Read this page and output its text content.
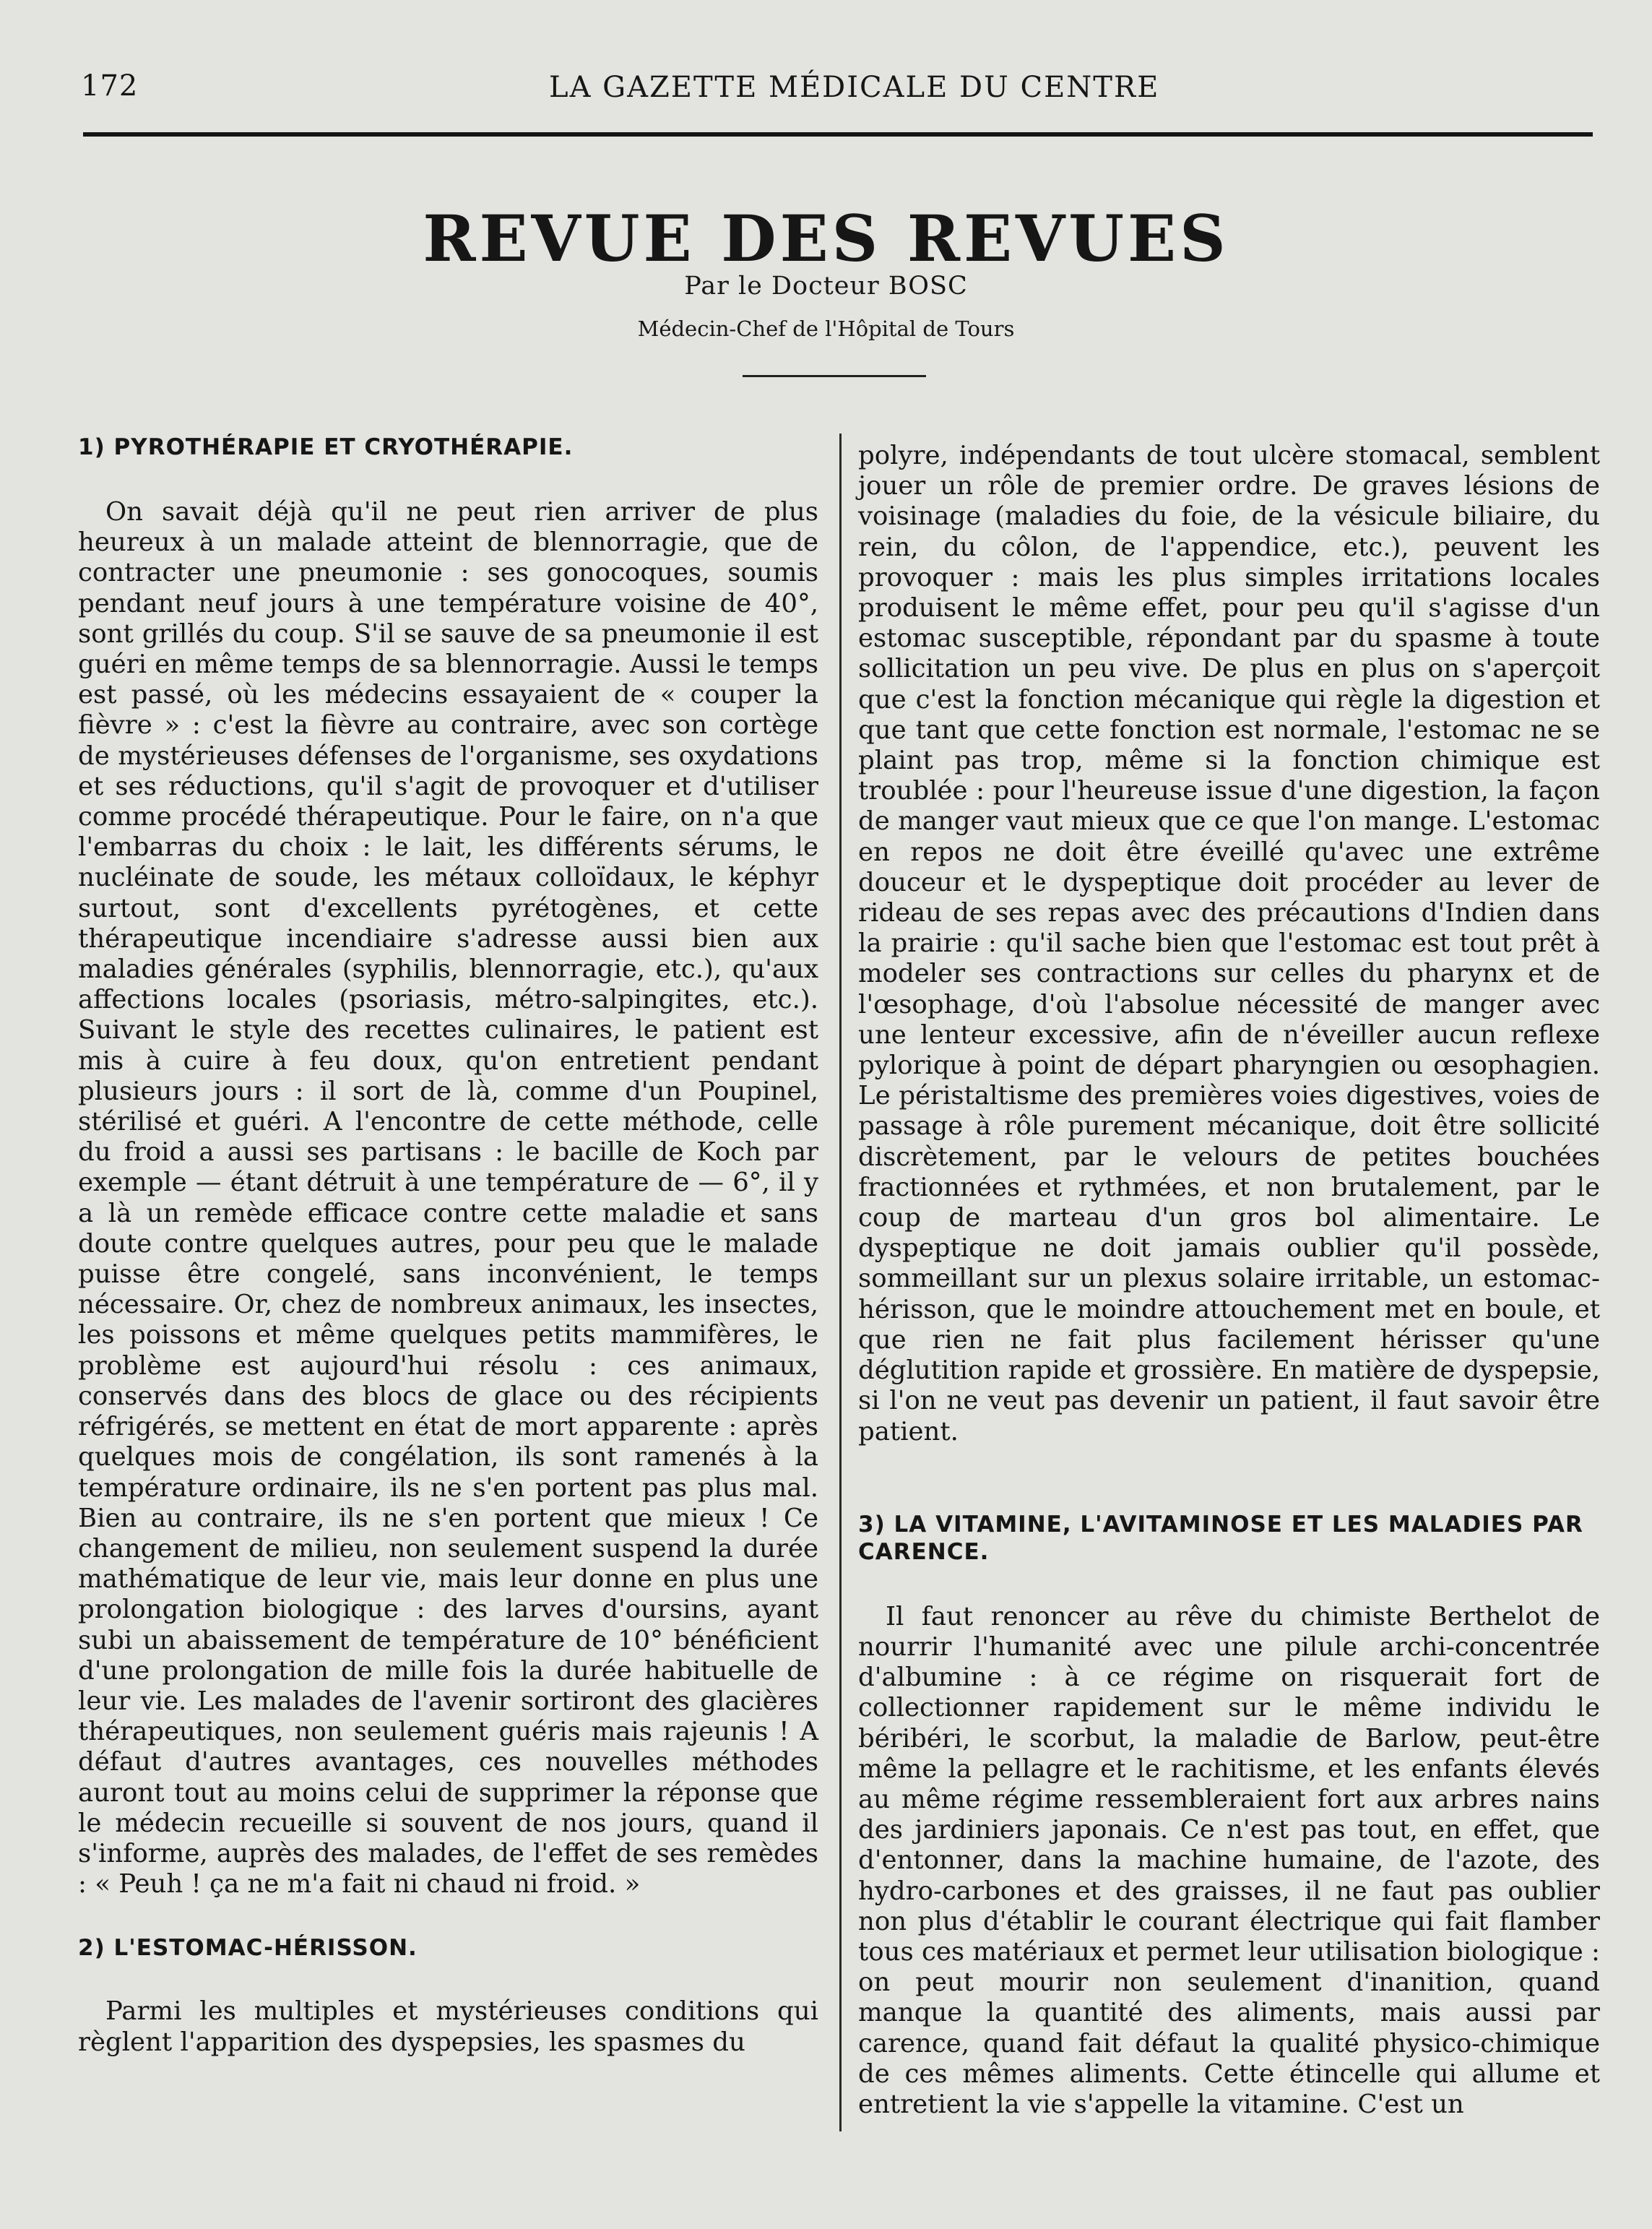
172	LA GAZETTE MÉDICALE DU CENTRE
REVUE DES REVUES
Par le Docteur BOSC
Médecin-Chef de l'Hôpital de Tours
1) PYROTHÉRAPIE ET CRYOTHÉRAPIE.

On savait déjà qu'il ne peut rien arriver de plus heureux à un malade atteint de blennorragie, que de contracter une pneumonie : ses gonocoques, soumis pendant neuf jours à une température voisine de 40°, sont grillés du coup. S'il se sauve de sa pneumonie il est guéri en même temps de sa blennorragie. Aussi le temps est passé, où les médecins essayaient de « couper la fièvre » : c'est la fièvre au contraire, avec son cortège de mystérieuses défenses de l'organisme, ses oxydations et ses réductions, qu'il s'agit de provoquer et d'utiliser comme procédé thérapeutique. Pour le faire, on n'a que l'embarras du choix : le lait, les différents sérums, le nucléinate de soude, les métaux colloïdaux, le képhyr surtout, sont d'excellents pyrétogènes, et cette thérapeutique incendiaire s'adresse aussi bien aux maladies générales (syphilis, blennorragie, etc.), qu'aux affections locales (psoriasis, métro-salpingites, etc.). Suivant le style des recettes culinaires, le patient est mis à cuire à feu doux, qu'on entretient pendant plusieurs jours : il sort de là, comme d'un Poupinel, stérilisé et guéri. A l'encontre de cette méthode, celle du froid a aussi ses partisans : le bacille de Koch par exemple — étant détruit à une température de — 6°, il y a là un remède efficace contre cette maladie et sans doute contre quelques autres, pour peu que le malade puisse être congelé, sans inconvénient, le temps nécessaire. Or, chez de nombreux animaux, les insectes, les poissons et même quelques petits mammifères, le problème est aujourd'hui résolu : ces animaux, conservés dans des blocs de glace ou des récipients réfrigérés, se mettent en état de mort apparente : après quelques mois de congélation, ils sont ramenés à la température ordinaire, ils ne s'en portent pas plus mal. Bien au contraire, ils ne s'en portent que mieux ! Ce changement de milieu, non seulement suspend la durée mathématique de leur vie, mais leur donne en plus une prolongation biologique : des larves d'oursins, ayant subi un abaissement de température de 10° bénéficient d'une prolongation de mille fois la durée habituelle de leur vie. Les malades de l'avenir sortiront des glacières thérapeutiques, non seulement guéris mais rajeunis ! A défaut d'autres avantages, ces nouvelles méthodes auront tout au moins celui de supprimer la réponse que le médecin recueille si souvent de nos jours, quand il s'informe, auprès des malades, de l'effet de ses remèdes : « Peuh ! ça ne m'a fait ni chaud ni froid. »

2) L'ESTOMAC-HÉRISSON.

Parmi les multiples et mystérieuses conditions qui règlent l'apparition des dyspepsies, les spasmes du

polyre, indépendants de tout ulcère stomacal, semblent jouer un rôle de premier ordre. De graves lésions de voisinage (maladies du foie, de la vésicule biliaire, du rein, du côlon, de l'appendice, etc.), peuvent les provoquer : mais les plus simples irritations locales produisent le même effet, pour peu qu'il s'agisse d'un estomac susceptible, répondant par du spasme à toute sollicitation un peu vive. De plus en plus on s'aperçoit que c'est la fonction mécanique qui règle la digestion et que tant que cette fonction est normale, l'estomac ne se plaint pas trop, même si la fonction chimique est troublée : pour l'heureuse issue d'une digestion, la façon de manger vaut mieux que ce que l'on mange. L'estomac en repos ne doit être éveillé qu'avec une extrême douceur et le dyspeptique doit procéder au lever de rideau de ses repas avec des précautions d'Indien dans la prairie : qu'il sache bien que l'estomac est tout prêt à modeler ses contractions sur celles du pharynx et de l'œsophage, d'où l'absolue nécessité de manger avec une lenteur excessive, afin de n'éveiller aucun reflexe pylorique à point de départ pharyngien ou œsophagien. Le péristaltisme des premières voies digestives, voies de passage à rôle purement mécanique, doit être sollicité discrètement, par le velours de petites bouchées fractionnées et rythmées, et non brutalement, par le coup de marteau d'un gros bol alimentaire. Le dyspeptique ne doit jamais oublier qu'il possède, sommeillant sur un plexus solaire irritable, un estomac-hérisson, que le moindre attouchement met en boule, et que rien ne fait plus facilement hérisser qu'une déglutition rapide et grossière. En matière de dyspepsie, si l'on ne veut pas devenir un patient, il faut savoir être patient.

3) LA VITAMINE, L'AVITAMINOSE ET LES MALADIES PAR CARENCE.

Il faut renoncer au rêve du chimiste Berthelot de nourrir l'humanité avec une pilule archi-concentrée d'albumine : à ce régime on risquerait fort de collectionner rapidement sur le même individu le béribéri, le scorbut, la maladie de Barlow, peut-être même la pellagre et le rachitisme, et les enfants élevés au même régime ressembleraient fort aux arbres nains des jardiniers japonais. Ce n'est pas tout, en effet, que d'entonner, dans la machine humaine, de l'azote, des hydro-carbones et des graisses, il ne faut pas oublier non plus d'établir le courant électrique qui fait flamber tous ces matériaux et permet leur utilisation biologique : on peut mourir non seulement d'inanition, quand manque la quantité des aliments, mais aussi par carence, quand fait défaut la qualité physico-chimique de ces mêmes aliments. Cette étincelle qui allume et entretient la vie s'appelle la vitamine. C'est un
